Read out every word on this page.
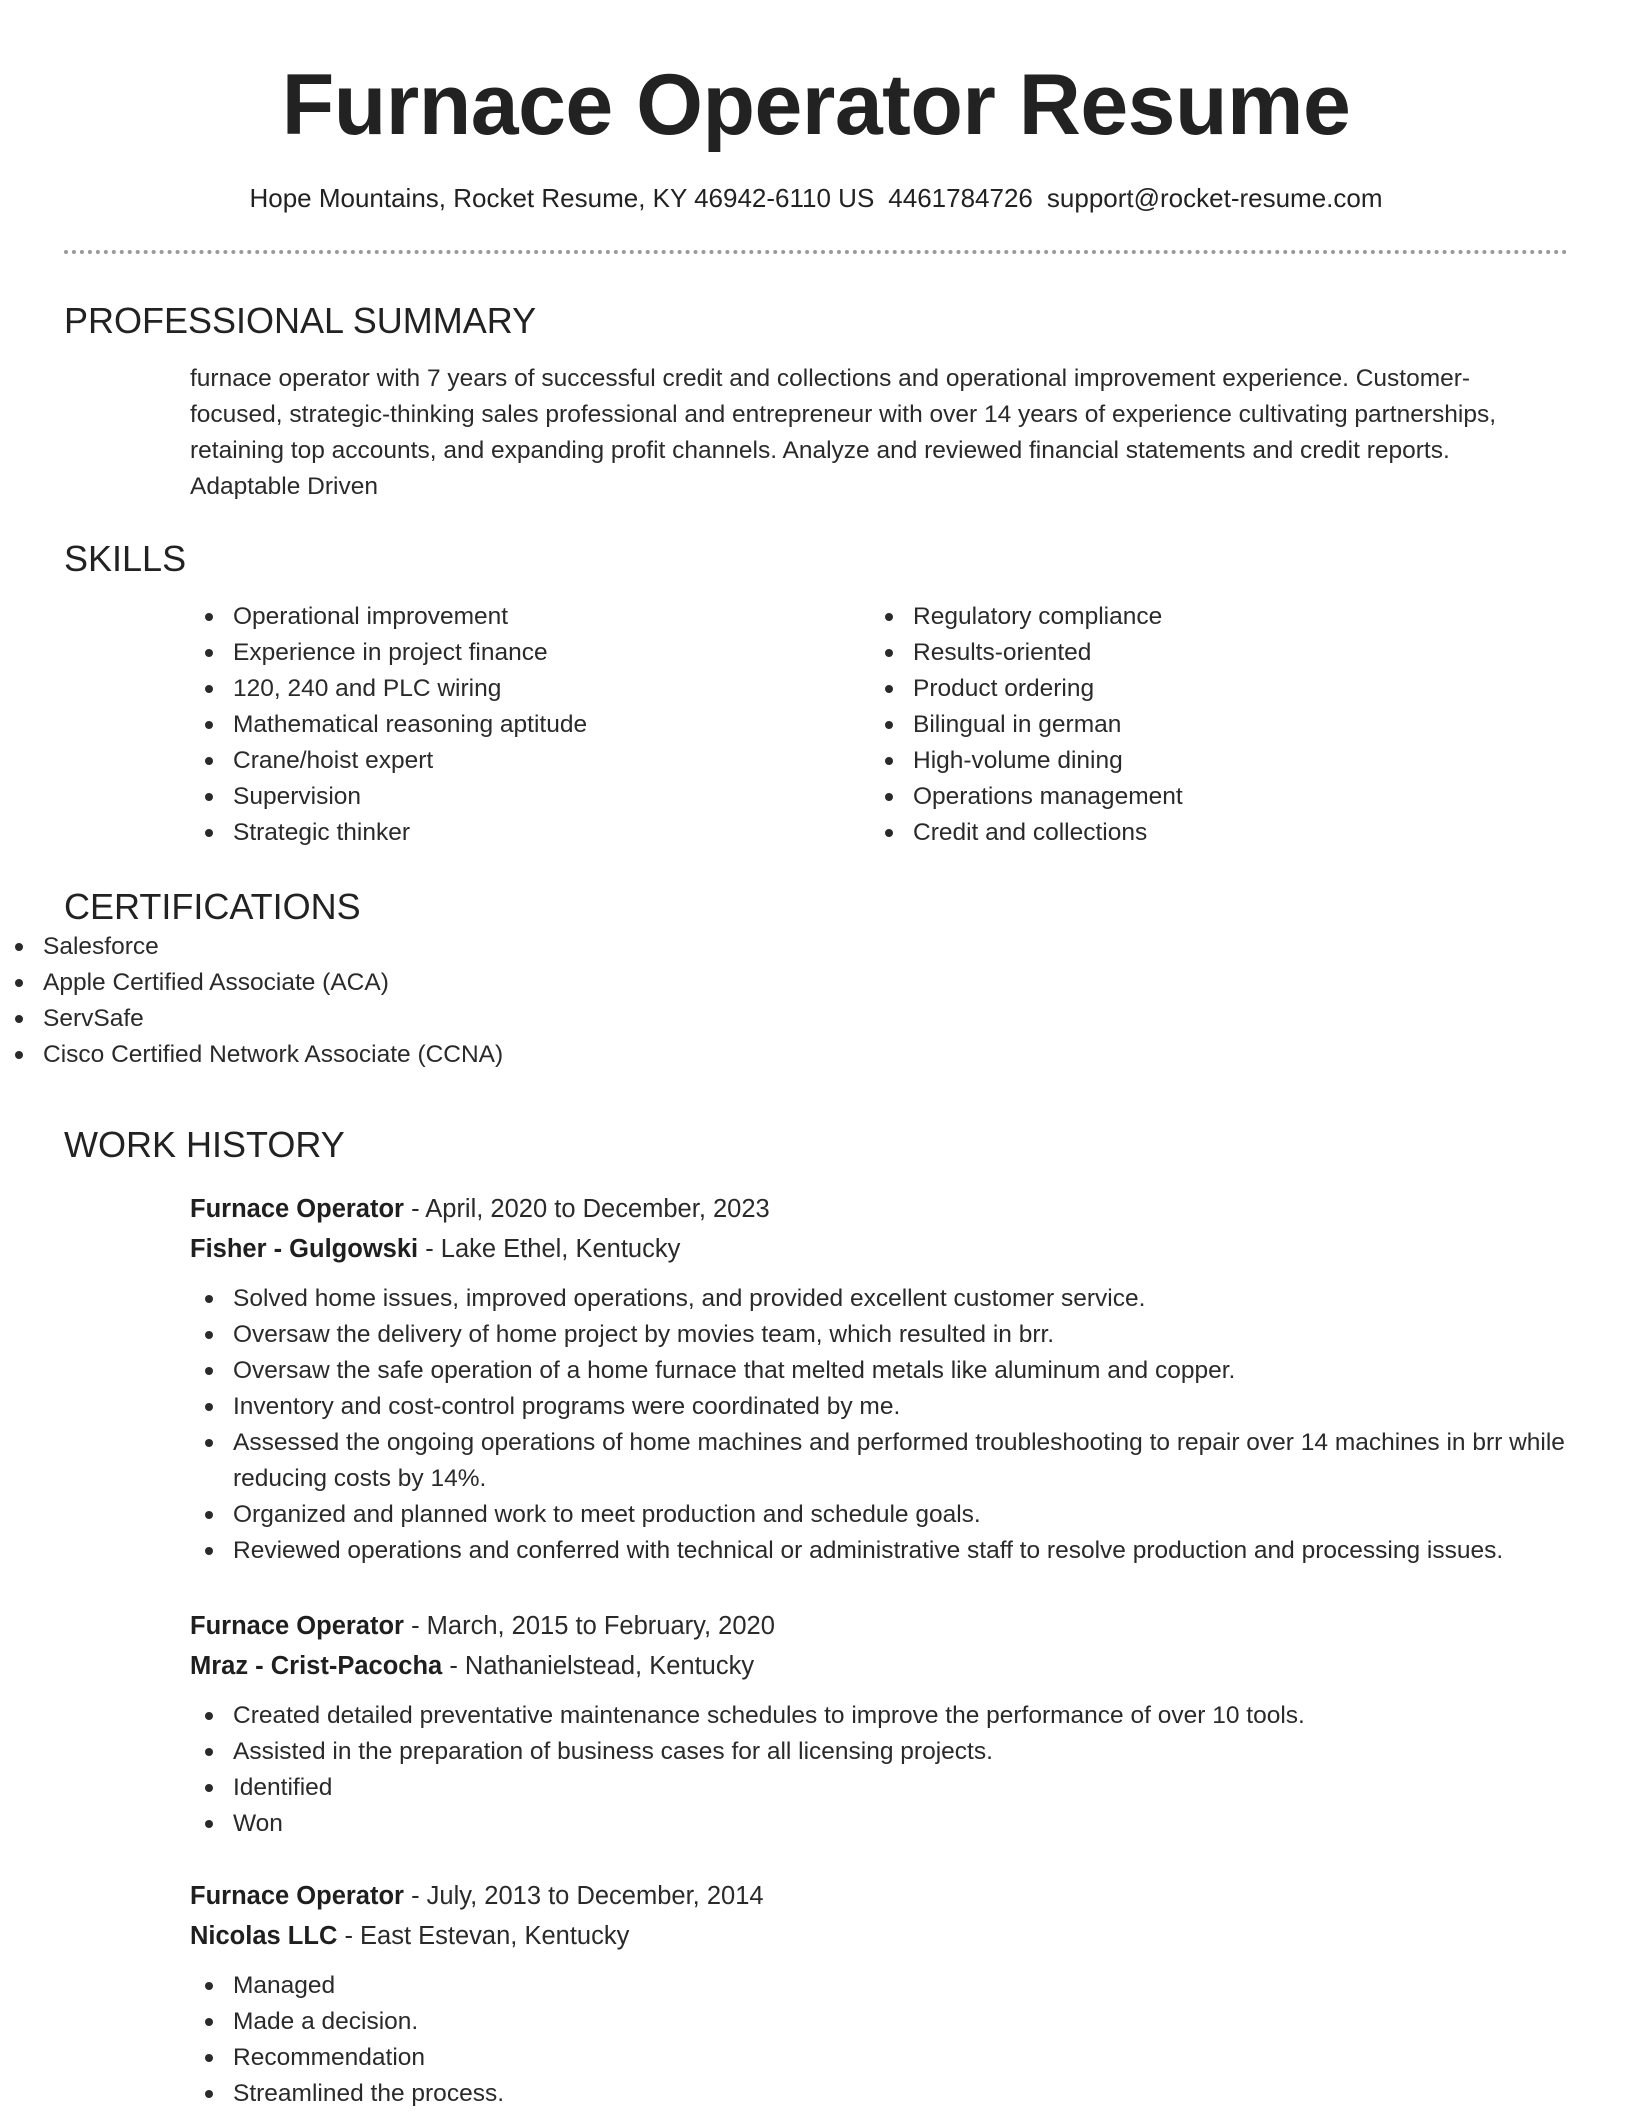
Furnace Operator Resume
Hope Mountains, Rocket Resume, KY 46942-6110 US 4461784726 support@rocket-resume.com
PROFESSIONAL SUMMARY
furnace operator with 7 years of successful credit and collections and operational improvement experience. Customer-focused, strategic-thinking sales professional and entrepreneur with over 14 years of experience cultivating partnerships, retaining top accounts, and expanding profit channels. Analyze and reviewed financial statements and credit reports. Adaptable Driven
SKILLS
Operational improvement
Experience in project finance
120, 240 and PLC wiring
Mathematical reasoning aptitude
Crane/hoist expert
Supervision
Strategic thinker
Regulatory compliance
Results-oriented
Product ordering
Bilingual in german
High-volume dining
Operations management
Credit and collections
CERTIFICATIONS
Salesforce
Apple Certified Associate (ACA)
ServSafe
Cisco Certified Network Associate (CCNA)
WORK HISTORY
Furnace Operator - April, 2020 to December, 2023
Fisher - Gulgowski - Lake Ethel, Kentucky
Solved home issues, improved operations, and provided excellent customer service.
Oversaw the delivery of home project by movies team, which resulted in brr.
Oversaw the safe operation of a home furnace that melted metals like aluminum and copper.
Inventory and cost-control programs were coordinated by me.
Assessed the ongoing operations of home machines and performed troubleshooting to repair over 14 machines in brr while reducing costs by 14%.
Organized and planned work to meet production and schedule goals.
Reviewed operations and conferred with technical or administrative staff to resolve production and processing issues.
Furnace Operator - March, 2015 to February, 2020
Mraz - Crist-Pacocha - Nathanielstead, Kentucky
Created detailed preventative maintenance schedules to improve the performance of over 10 tools.
Assisted in the preparation of business cases for all licensing projects.
Identified
Won
Furnace Operator - July, 2013 to December, 2014
Nicolas LLC - East Estevan, Kentucky
Managed
Made a decision.
Recommendation
Streamlined the process.
